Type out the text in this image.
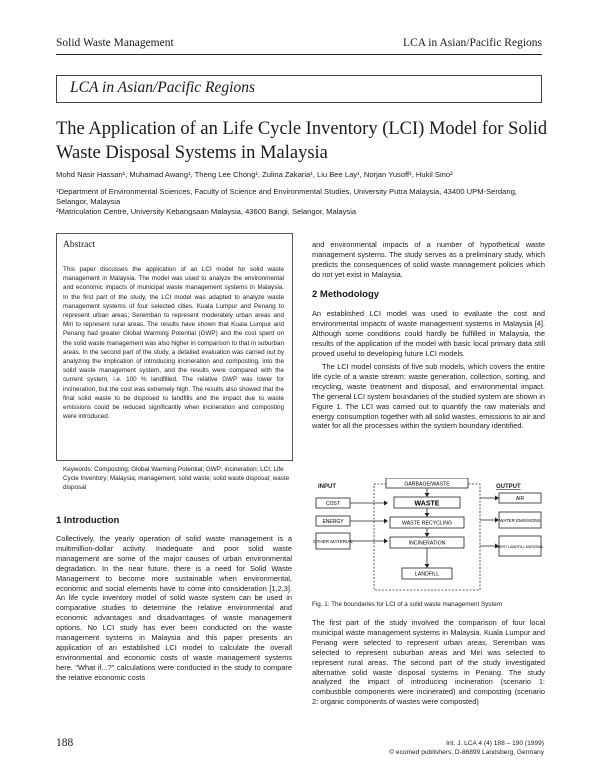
Solid Waste Management	LCA in Asian/Pacific Regions
LCA in Asian/Pacific Regions
The Application of an Life Cycle Inventory (LCI) Model for Solid Waste Disposal Systems in Malaysia
Mohd Nasir Hassan¹, Muhamad Awang¹, Theng Lee Chong¹, Zulina Zakaria¹, Liu Bee Lay¹, Norjan Yusoff¹, Hukil Sino²
¹Department of Environmental Sciences, Faculty of Science and Environmental Studies, University Putra Malaysia, 43400 UPM-Serdang, Selangor, Malaysia
²Matriculation Centre, University Kebangsaan Malaysia, 43600 Bangi, Selangor, Malaysia
Abstract
This paper discusses the application of an LCI model for solid waste management in Malaysia. The model was used to analyze the environmental and economic impacts of municipal waste management systems in Malaysia. In the first part of the study, the LCI model was adapted to analyze waste management systems of four selected cities. Kuala Lumpur and Penang to represent urban areas; Seremban to represent moderately urban areas and Miri to represent rural areas. The results have shown that Kuala Lumpur and Penang had greater Global Warming Potential (GWP) and the cost spent on the solid waste management was also higher in comparison to that in suburban areas. In the second part of the study, a detailed evaluation was carried out by analyzing the implication of introducing incineration and composting, into the solid waste management system, and the results were compared with the current system, i.e. 100 % landfilled. The relative GWP was lower for incineration, but the cost was extremely high. The results also showed that the final solid waste to be disposed to landfills and the impact due to waste emissions could be reduced significantly when incineration and composting were introduced.
Keywords: Composting; Global Warming Potential; GWP; incineration; LCI; Life Cycle Inventory; Malaysia; management, solid waste; solid waste disposal; waste disposal
1 Introduction
Collectively, the yearly operation of solid waste management is a multimillion-dollar activity. Inadequate and poor solid waste management are some of the major causes of urban environmental degradation. In the near future, there is a need for Solid Waste Management to become more sustainable when environmental, economic and social elements have to come into consideration [1,2,3]. An life cycle inventory model of solid waste system can be used in comparative studies to determine the relative environmental and economic advantages and disadvantages of waste management options. No LCI study has ever been conducted on the waste management systems in Malaysia and this paper presents an application of an established LCI model to calculate the overall environmental and economic costs of waste management systems here. "What if...?" calculations were conducted in the study to compare the relative economic costs
and environmental impacts of a number of hypothetical waste management systems. The study serves as a preliminary study, which predicts the consequences of solid waste management policies which do not yet exist in Malaysia.
2 Methodology
An established LCI model was used to evaluate the cost and environmental impacts of waste management systems in Malaysia [4]. Although some conditions could hardly be fulfilled in Malaysia, the results of the application of the model with basic local primary data still proved useful to developing future LCI models.
The LCI model consists of five sub models, which covers the entire life cycle of a waste stream: waste generation, collection, sorting, and recycling, waste treatment and disposal, and environmental impact. The general LCI system boundaries of the studied system are shown in Figure 1. The LCI was carried out to quantify the raw materials and energy consumption together with all solid wastes, emissions to air and water for all the processes within the system boundary identified.
INPUT	OUTPUT
GARBAGE/WASTE
WASTE
WASTE RECYCLING
INCINERATION
LANDFILL
COST
ENERGY
OTHER MATERIAL
AIR
WATER EMISSIONS
INERT LANDFILL MATERIAL
Fig. 1: The boundaries for LCI of a solid waste management System
The first part of the study involved the comparison of four local municipal waste management systems in Malaysia. Kuala Lumpur and Penang were selected to represent urban areas, Seremban was selected to represent suburban areas and Miri was selected to represent rural areas. The second part of the study investigated alternative solid waste disposal systems in Penang. The study analyzed the impact of introducing incineration (scenario 1: combustible components were incinerated) and composting (scenario 2: organic components of wastes were composted)
188	Int. J. LCA 4 (4) 188 – 190 (1999)
© ecomed publishers, D-86899 Landsberg, Germany
